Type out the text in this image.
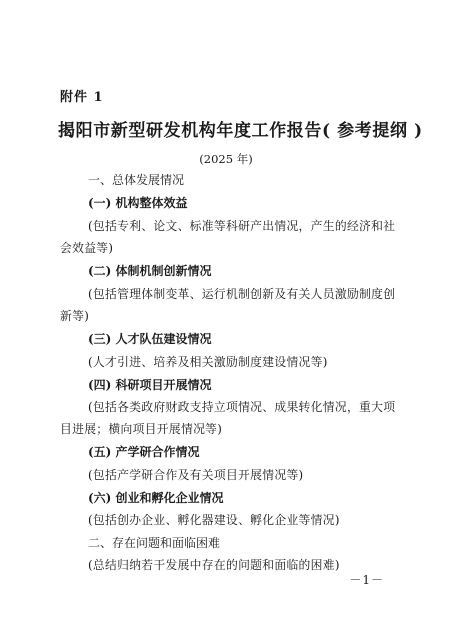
附件 1
揭阳市新型研发机构年度工作报告( 参考提纲 )
(2025 年)
一、总体发展情况
(一) 机构整体效益
(包括专利、论文、标准等科研产出情况，产生的经济和社
会效益等)
(二) 体制机制创新情况
(包括管理体制变革、运行机制创新及有关人员激励制度创
新等)
(三) 人才队伍建设情况
(人才引进、培养及相关激励制度建设情况等)
(四) 科研项目开展情况
(包括各类政府财政支持立项情况、成果转化情况，重大项
目进展；横向项目开展情况等)
(五) 产学研合作情况
(包括产学研合作及有关项目开展情况等)
(六) 创业和孵化企业情况
(包括创办企业、孵化器建设、孵化企业等情况)
二、存在问题和面临困难
(总结归纳若干发展中存在的问题和面临的困难)
－1－
